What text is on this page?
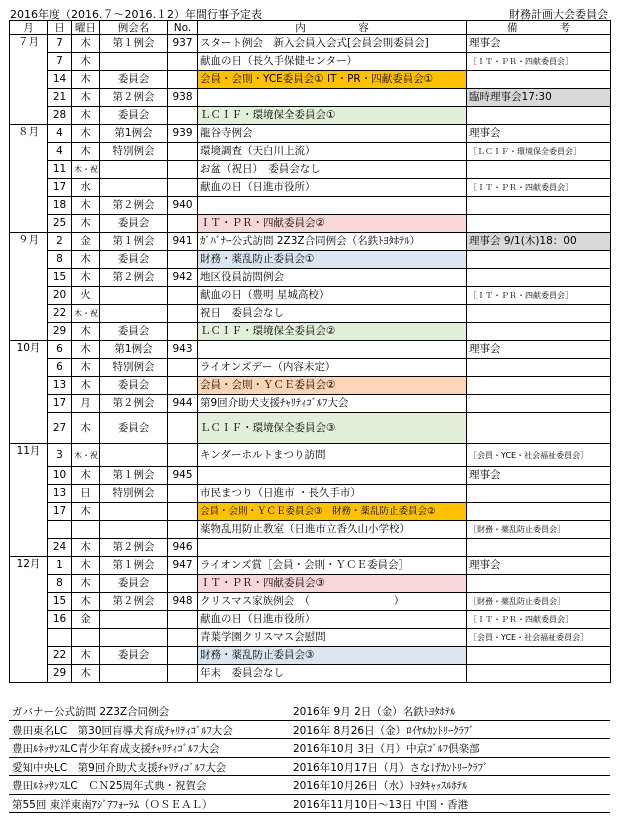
2016年度（2016.７～2016.１2）年間行事予定表	財務計画大会委員会
月	日	曜日	例会名	No.	内　　　　　容	備　　　　考
７月	7	木	第１例会	937	スタート例会　新入会員入会式[会員会則委員会]	理事会
	7	木			献血の日（長久手保健センター）	［ＩＴ・ＰＲ・四献委員会］
	14	木	委員会		会員・会則・YCE委員会① IT・PR・四献委員会①	
	21	木	第２例会	938		臨時理事会17:30
	28	木	委員会		ＬＣＩＦ・環境保全委員会①	
８月	4	木	第1例会	939	龍谷寺例会	理事会
	4	木	特別例会		環境調査（天白川上流）	［ＬＣＩＦ・環境保全委員会］
	11	木・祝			お盆（祝日）　委員会なし	
	17	水			献血の日（日進市役所）	［ＩＴ・ＰＲ・四献委員会］
	18	木	第２例会	940		
	25	木	委員会		ＩＴ・ＰＲ・四献委員会②	
９月	2	金	第１例会	941	ｶﾞﾊﾞﾅｰ公式訪問 2Z3Z合同例会（名鉄ﾄﾖﾀﾎﾃﾙ）	理事会 9/1(木)18：00
	8	木	委員会		財務・薬乱防止委員会①	
	15	木	第２例会	942	地区役員訪問例会	
	20	火			献血の日（豊明 星城高校）	［ＩＴ・ＰＲ・四献委員会］
	22	木・祝			祝日　委員会なし	
	29	木	委員会		ＬＣＩＦ・環境保全委員会②	
10月	6	木	第1例会	943		理事会
	6	木	特別例会		ライオンズデー（内容未定）	
	13	木	委員会		会員・会則・ＹＣＥ委員会②	
	17	月	第２例会	944	第9回介助犬支援ﾁｬﾘﾃｨｺﾞﾙﾌ大会	
	27	木	委員会		ＬＣＩＦ・環境保全委員会③	
11月	3	木・祝			キンダーホルトまつり訪問	［会員・YCE・社会福祉委員会］
	10	木	第１例会	945		理事会
	13	日	特別例会		市民まつり（日進市 ・長久手市）	
	17	木			会員・会則・ＹＣＥ委員会③　財務・薬乱防止委員会②	
					薬物乱用防止教室（日進市立香久山小学校）	［財務・薬乱防止委員会］
	24	木	第２例会	946		
12月	1	木	第１例会	947	ライオンズ賞［会員・会則・ＹＣＥ委員会］	理事会
	8	木	委員会		ＩＴ・ＰＲ・四献委員会③	
	15	木	第２例会	948	クリスマス家族例会　（　　　　　　　　）	［財務・薬乱防止委員会］
	16	金			献血の日（日進市役所）	［ＩＴ・ＰＲ・四献委員会］
					青葉学園クリスマス会慰問	［会員・YCE・社会福祉委員会］
	22	木	委員会		財務・薬乱防止委員会③	
	29	木			年末　委員会なし	
ガバナー公式訪問 2Z3Z合同例会	2016年 9月 2日（金）名鉄ﾄﾖﾀﾎﾃﾙ
豊田東名LC　第30回盲導犬育成ﾁｬﾘﾃｨｺﾞﾙﾌ大会	2016年 8月26日（金）ﾛｲﾔﾙｶﾝﾄﾘｰｸﾗﾌﾞ
豊田ﾙﾈｯｻﾝｽLC青少年育成支援ﾁｬﾘﾃｨｺﾞﾙﾌ大会	2016年10月 3日（月）中京ｺﾞﾙﾌ倶楽部
愛知中央LC　第9回介助犬支援ﾁｬﾘﾃｨｺﾞﾙﾌ大会	2016年10月17日（月）さなげｶﾝﾄﾘｰｸﾗﾌﾞ
豊田ﾙﾈｯｻﾝｽLC　ＣＮ25周年式典・祝賀会	2016年10月26日（水）ﾄﾖﾀｷｬｯｽﾙﾎﾃﾙ
第55回 東洋東南ｱｼﾞｱﾌｫｰﾗﾑ（ＯＳＥＡＬ）	2016年11月10日～13日 中国・香港
